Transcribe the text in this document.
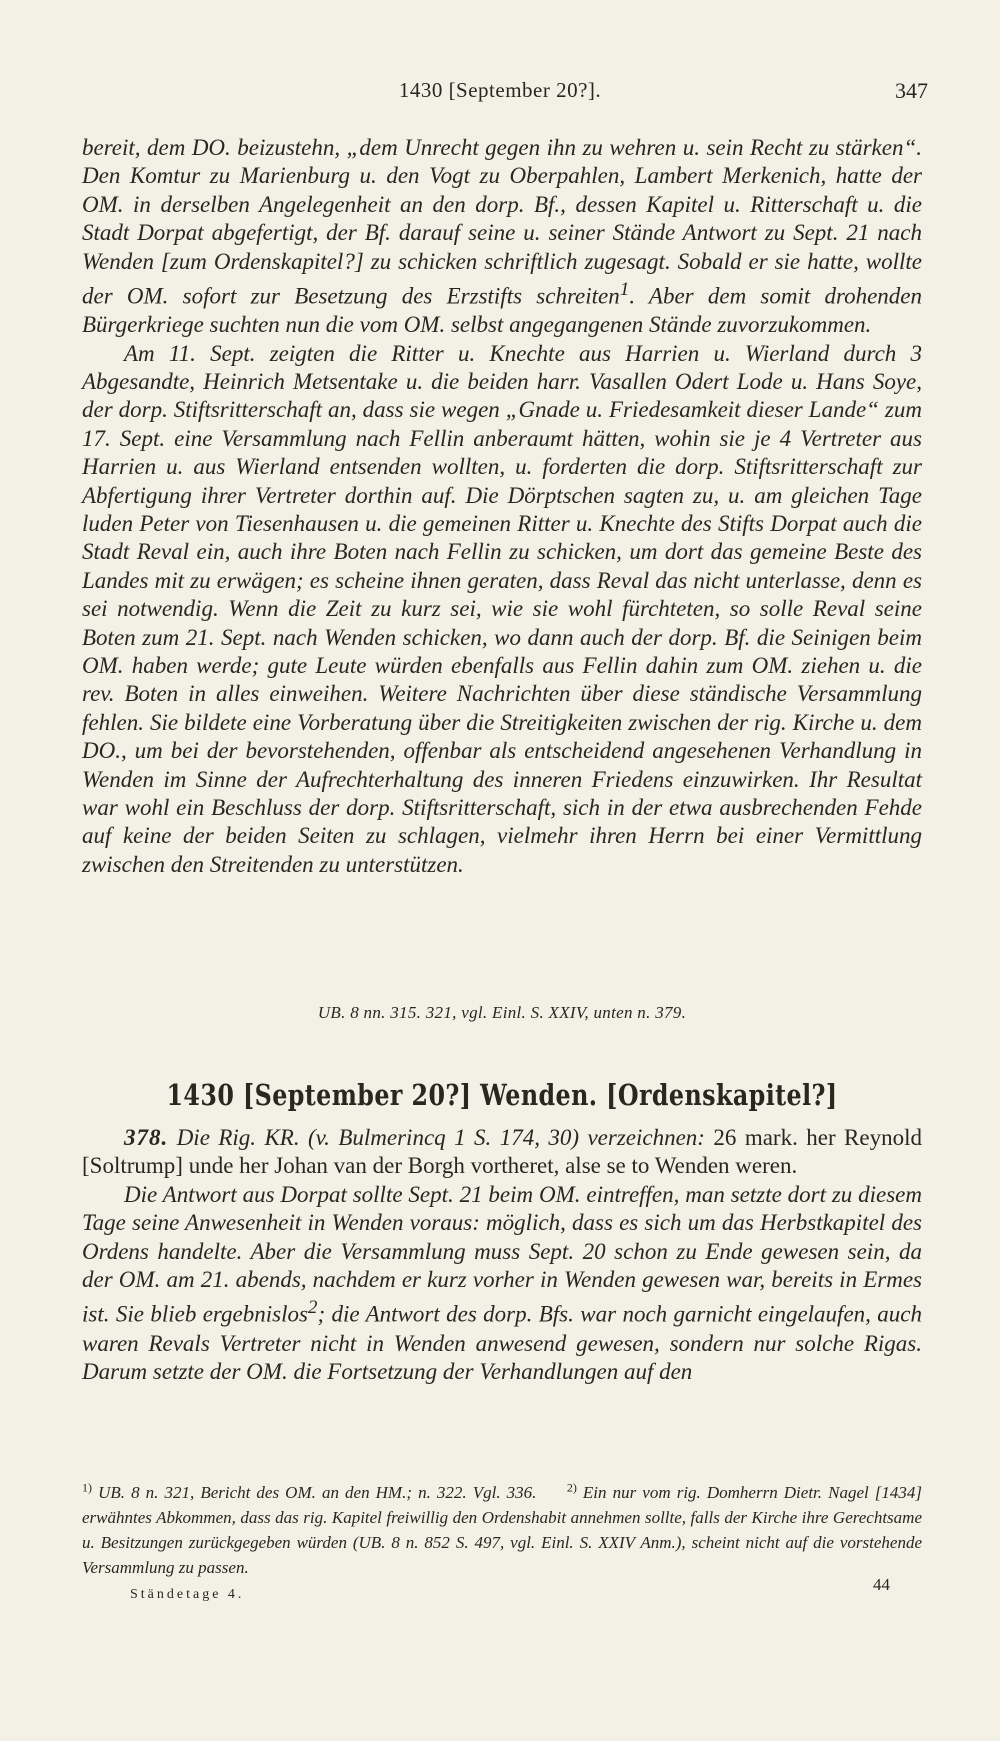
1430 [September 20?].	347

bereit, dem DO. beizustehn, „dem Unrecht gegen ihn zu wehren u. sein Recht zu stärken“. Den Komtur zu Marienburg u. den Vogt zu Oberpahlen, Lambert Merkenich, hatte der OM. in derselben Angelegenheit an den dorp. Bf., dessen Kapitel u. Ritterschaft u. die Stadt Dorpat abgefertigt, der Bf. darauf seine u. seiner Stände Antwort zu Sept. 21 nach Wenden [zum Ordenskapitel?] zu schicken schriftlich zugesagt. Sobald er sie hatte, wollte der OM. sofort zur Besetzung des Erzstifts schreiten$^1$. Aber dem somit drohenden Bürgerkriege suchten nun die vom OM. selbst angegangenen Stände zuvorzukommen.

Am 11. Sept. zeigten die Ritter u. Knechte aus Harrien u. Wierland durch 3 Abgesandte, Heinrich Metsentake u. die beiden harr. Vasallen Odert Lode u. Hans Soye, der dorp. Stiftsritterschaft an, dass sie wegen „Gnade u. Friedesamkeit dieser Lande“ zum 17. Sept. eine Versammlung nach Fellin anberaumt hätten, wohin sie je 4 Vertreter aus Harrien u. aus Wierland entsenden wollten, u. forderten die dorp. Stiftsritterschaft zur Abfertigung ihrer Vertreter dorthin auf. Die Dörptschen sagten zu, u. am gleichen Tage luden Peter von Tiesenhausen u. die gemeinen Ritter u. Knechte des Stifts Dorpat auch die Stadt Reval ein, auch ihre Boten nach Fellin zu schicken, um dort das gemeine Beste des Landes mit zu erwägen; es scheine ihnen geraten, dass Reval das nicht unterlasse, denn es sei notwendig. Wenn die Zeit zu kurz sei, wie sie wohl fürchteten, so solle Reval seine Boten zum 21. Sept. nach Wenden schicken, wo dann auch der dorp. Bf. die Seinigen beim OM. haben werde; gute Leute würden ebenfalls aus Fellin dahin zum OM. ziehen u. die rev. Boten in alles einweihen. Weitere Nachrichten über diese ständische Versammlung fehlen. Sie bildete eine Vorberatung über die Streitigkeiten zwischen der rig. Kirche u. dem DO., um bei der bevorstehenden, offenbar als entscheidend angesehenen Verhandlung in Wenden im Sinne der Aufrechterhaltung des inneren Friedens einzuwirken. Ihr Resultat war wohl ein Beschluss der dorp. Stiftsritterschaft, sich in der etwa ausbrechenden Fehde auf keine der beiden Seiten zu schlagen, vielmehr ihren Herrn bei einer Vermittlung zwischen den Streitenden zu unterstützen.

UB. 8 nn. 315. 321, vgl. Einl. S. XXIV, unten n. 379.
1430 [September 20?] Wenden. [Ordenskapitel?]

378. Die Rig. KR. (v. Bulmerincq 1 S. 174, 30) verzeichnen: 26 mark. her Reynold [Soltrump] unde her Johan van der Borgh vortheret, alse se to Wenden weren.

Die Antwort aus Dorpat sollte Sept. 21 beim OM. eintreffen, man setzte dort zu diesem Tage seine Anwesenheit in Wenden voraus: möglich, dass es sich um das Herbstkapitel des Ordens handelte. Aber die Versammlung muss Sept. 20 schon zu Ende gewesen sein, da der OM. am 21. abends, nachdem er kurz vorher in Wenden gewesen war, bereits in Ermes ist. Sie blieb ergebnislos$^2$; die Antwort des dorp. Bfs. war noch garnicht eingelaufen, auch waren Revals Vertreter nicht in Wenden anwesend gewesen, sondern nur solche Rigas. Darum setzte der OM. die Fortsetzung der Verhandlungen auf den

$^{1)}$ UB. 8 n. 321, Bericht des OM. an den HM.; n. 322. Vgl. 336.	$^{2)}$ Ein nur vom rig. Domherrn Dietr. Nagel [1434] erwähntes Abkommen, dass das rig. Kapitel freiwillig den Ordenshabit annehmen sollte, falls der Kirche ihre Gerechtsame u. Besitzungen zurückgegeben würden (UB. 8 n. 852 S. 497, vgl. Einl. S. XXIV Anm.), scheint nicht auf die vorstehende Versammlung zu passen.
Ständetage 4.
44
